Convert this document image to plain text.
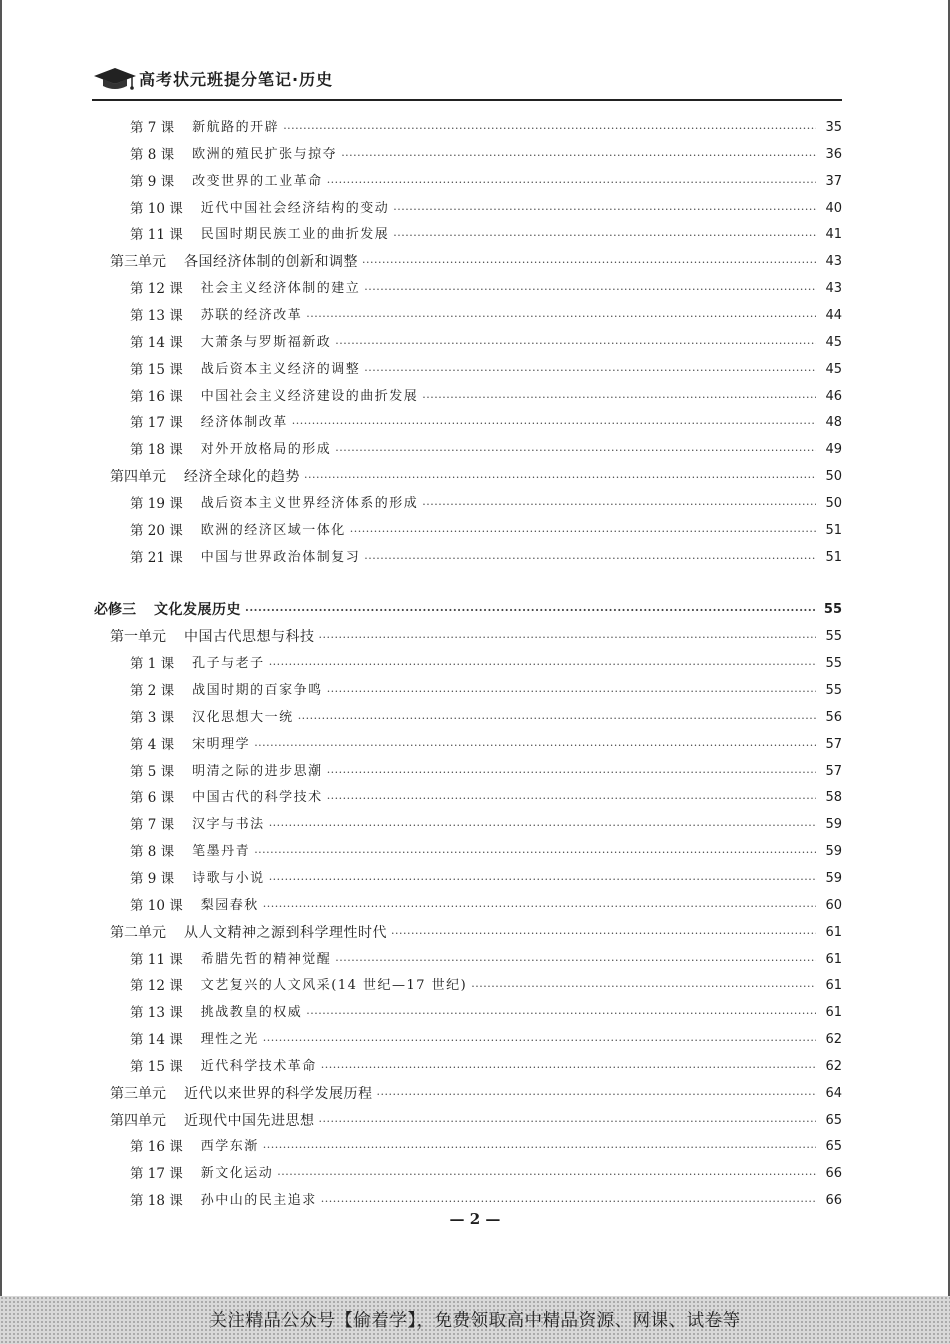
高考状元班提分笔记·历史
第 7 课 新航路的开辟 ·····	35
第 8 课 欧洲的殖民扩张与掠夺 ·····	36
第 9 课 改变世界的工业革命 ·····	37
第 10 课 近代中国社会经济结构的变动 ·····	40
第 11 课 民国时期民族工业的曲折发展 ·····	41
第三单元 各国经济体制的创新和调整 ·····	43
第 12 课 社会主义经济体制的建立 ·····	43
第 13 课 苏联的经济改革 ·····	44
第 14 课 大萧条与罗斯福新政 ·····	45
第 15 课 战后资本主义经济的调整 ·····	45
第 16 课 中国社会主义经济建设的曲折发展 ·····	46
第 17 课 经济体制改革 ·····	48
第 18 课 对外开放格局的形成 ·····	49
第四单元 经济全球化的趋势 ·····	50
第 19 课 战后资本主义世界经济体系的形成 ·····	50
第 20 课 欧洲的经济区域一体化 ·····	51
第 21 课 中国与世界政治体制复习 ·····	51
必修三 文化发展历史 ·····	55
第一单元 中国古代思想与科技 ·····	55
第 1 课 孔子与老子 ·····	55
第 2 课 战国时期的百家争鸣 ·····	55
第 3 课 汉化思想大一统 ·····	56
第 4 课 宋明理学 ·····	57
第 5 课 明清之际的进步思潮 ·····	57
第 6 课 中国古代的科学技术 ·····	58
第 7 课 汉字与书法 ·····	59
第 8 课 笔墨丹青 ·····	59
第 9 课 诗歌与小说 ·····	59
第 10 课 梨园春秋 ·····	60
第二单元 从人文精神之源到科学理性时代 ·····	61
第 11 课 希腊先哲的精神觉醒 ·····	61
第 12 课 文艺复兴的人文风采(14 世纪—17 世纪) ·····	61
第 13 课 挑战教皇的权威 ·····	61
第 14 课 理性之光 ·····	62
第 15 课 近代科学技术革命 ·····	62
第三单元 近代以来世界的科学发展历程 ·····	64
第四单元 近现代中国先进思想 ·····	65
第 16 课 西学东渐 ·····	65
第 17 课 新文化运动 ·····	66
第 18 课 孙中山的民主追求 ·····	66
— 2 —
关注精品公众号【偷着学】，免费领取高中精品资源、网课、试卷等
